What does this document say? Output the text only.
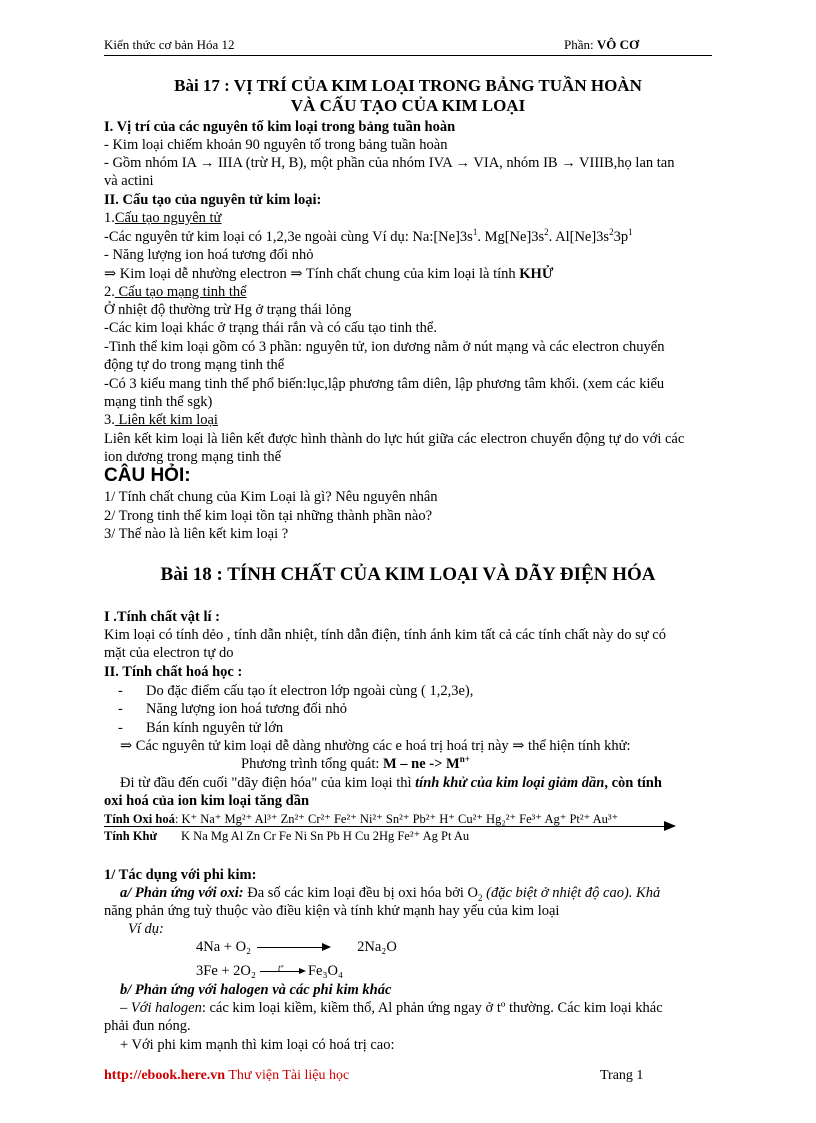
Kiến thức cơ bản Hóa 12	Phần: VÔ CƠ
Bài 17 : VỊ TRÍ CỦA KIM LOẠI TRONG BẢNG TUẦN HOÀN
VÀ CẤU TẠO CỦA KIM LOẠI
I. Vị trí của các nguyên tố kim loại trong bảng tuần hoàn
- Kim loại chiếm khoản 90 nguyên tố trong bảng tuần hoàn
- Gồm nhóm IA → IIIA (trừ H, B), một phần của nhóm IVA → VIA, nhóm IB → VIIIB,họ lan tan
và actini
II. Cấu tạo của nguyên tử kim loại:
1.Cấu tạo nguyên tử
-Các nguyên tử kim loại có 1,2,3e ngoài cùng Ví dụ: $Na:[Ne]3s^1$. $Mg[Ne]3s^2$. $Al[Ne]3s^23p^1$
- Năng lượng ion hoá tương đối nhỏ
⇒ Kim loại dễ nhường electron ⇒ Tính chất chung của kim loại là tính KHỬ
2. Cấu tạo mạng tinh thể
Ở nhiệt độ thường trừ Hg ở trạng thái lỏng
-Các kim loại khác ở trạng thái rắn và có cấu tạo tinh thể.
-Tinh thể kim loại gồm có 3 phần: nguyên tử, ion dương nằm ở nút mạng và các electron chuyển
động tự do trong mạng tinh thể
-Có 3 kiểu mang tinh thể phổ biến:lục,lập phương tâm diên, lập phương tâm khối. (xem các kiểu
mạng tinh thể sgk)
3. Liên kết kim loại
Liên kết kim loại là liên kết được hình thành do lực hút giữa các electron chuyển động tự do với các
ion dương trong mạng tinh thể
CÂU HỎI:
1/ Tính chất chung của Kim Loại là gì? Nêu nguyên nhân
2/ Trong tinh thể kim loại tồn tại những thành phần nào?
3/ Thế nào là liên kết kim loại ?
Bài 18 : TÍNH CHẤT CỦA KIM LOẠI VÀ DÃY ĐIỆN HÓA
I .Tính chất vật lí :
Kim loại có tính dẻo , tính dẫn nhiệt, tính dẫn điện, tính ánh kim tất cả các tính chất này do sự có
mặt của electron tự do
II. Tính chất hoá học :
- Do đặc điểm cấu tạo ít electron lớp ngoài cùng ( 1,2,3e),
- Năng lượng ion hoá tương đối nhỏ
- Bán kính nguyên tử lớn
⇒ Các nguyên tử kim loại dễ dàng nhường các e hoá trị hoá trị này ⇒ thể hiện tính khử:
Phương trình tổng quát: M – ne -> $M^{n+}$
Đi từ đầu đến cuối "dãy điện hóa" của kim loại thì tính khử của kim loại giảm dần, còn tính
oxi hoá của ion kim loại tăng dần
Tính Oxi hoá: K⁺ Na⁺ Mg²⁺ Al³⁺ Zn²⁺ Cr²⁺ Fe²⁺ Ni²⁺ Sn²⁺ Pb²⁺ H⁺ Cu²⁺ Hg₂²⁺ Fe³⁺ Ag⁺ Pt²⁺ Au³⁺
Tính Khử K Na Mg Al Zn Cr Fe Ni Sn Pb H Cu 2Hg Fe²⁺ Ag Pt Au
1/ Tác dụng với phi kim:
a/ Phản ứng với oxi: Đa số các kim loại đều bị oxi hóa bởi $O_2$ (đặc biệt ở nhiệt độ cao). Khả
năng phản ứng tuỳ thuộc vào điều kiện và tính khử mạnh hay yếu của kim loại
Ví dụ:
4Na + O₂	2Na₂O
3Fe + 2O₂ tº Fe₃O₄
b/ Phản ứng với halogen và các phi kim khác
– Với halogen: các kim loại kiềm, kiềm thổ, Al phản ứng ngay ở tº thường. Các kim loại khác
phải đun nóng.
+ Với phi kim mạnh thì kim loại có hoá trị cao:
http://ebook.here.vn Thư viện Tài liệu học	Trang 1
